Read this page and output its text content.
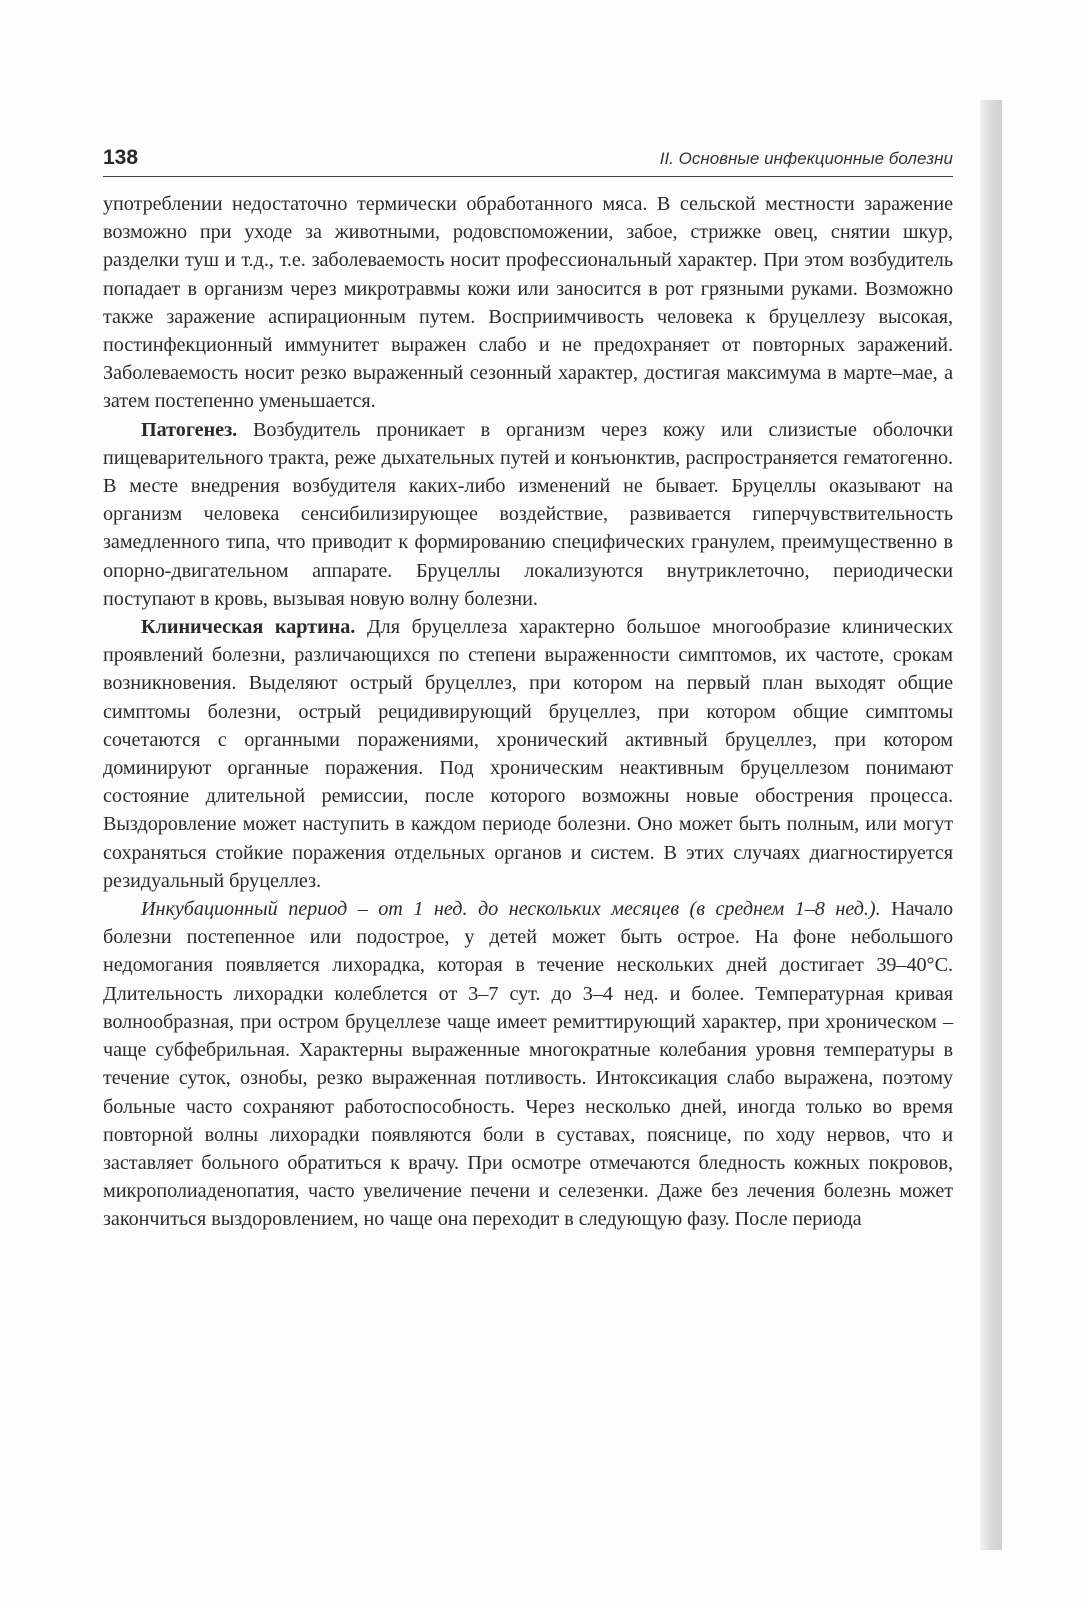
138	II. Основные инфекционные болезни

употреблении недостаточно термически обработанного мяса. В сельской местности заражение возможно при уходе за животными, родовспоможении, забое, стрижке овец, снятии шкур, разделки туш и т.д., т.е. заболеваемость носит профессиональный характер. При этом возбудитель попадает в организм через микротравмы кожи или заносится в рот грязными руками. Возможно также заражение аспирационным путем. Восприимчивость человека к бруцеллезу высокая, постинфекционный иммунитет выражен слабо и не предохраняет от повторных заражений. Заболеваемость носит резко выраженный сезонный характер, достигая максимума в марте–мае, а затем постепенно уменьшается.

Патогенез. Возбудитель проникает в организм через кожу или слизистые оболочки пищеварительного тракта, реже дыхательных путей и конъюнктив, распространяется гематогенно. В месте внедрения возбудителя каких-либо изменений не бывает. Бруцеллы оказывают на организм человека сенсибилизирующее воздействие, развивается гиперчувствительность замедленного типа, что приводит к формированию специфических гранулем, преимущественно в опорно-двигательном аппарате. Бруцеллы локализуются внутриклеточно, периодически поступают в кровь, вызывая новую волну болезни.

Клиническая картина. Для бруцеллеза характерно большое многообразие клинических проявлений болезни, различающихся по степени выраженности симптомов, их частоте, срокам возникновения. Выделяют острый бруцеллез, при котором на первый план выходят общие симптомы болезни, острый рецидивирующий бруцеллез, при котором общие симптомы сочетаются с органными поражениями, хронический активный бруцеллез, при котором доминируют органные поражения. Под хроническим неактивным бруцеллезом понимают состояние длительной ремиссии, после которого возможны новые обострения процесса. Выздоровление может наступить в каждом периоде болезни. Оно может быть полным, или могут сохраняться стойкие поражения отдельных органов и систем. В этих случаях диагностируется резидуальный бруцеллез.

Инкубационный период – от 1 нед. до нескольких месяцев (в среднем 1–8 нед.). Начало болезни постепенное или подострое, у детей может быть острое. На фоне небольшого недомогания появляется лихорадка, которая в течение нескольких дней достигает 39–40°С. Длительность лихорадки колеблется от 3–7 сут. до 3–4 нед. и более. Температурная кривая волнообразная, при остром бруцеллезе чаще имеет ремиттирующий характер, при хроническом – чаще субфебрильная. Характерны выраженные многократные колебания уровня температуры в течение суток, ознобы, резко выраженная потливость. Интоксикация слабо выражена, поэтому больные часто сохраняют работоспособность. Через несколько дней, иногда только во время повторной волны лихорадки появляются боли в суставах, пояснице, по ходу нервов, что и заставляет больного обратиться к врачу. При осмотре отмечаются бледность кожных покровов, микрополиаденопатия, часто увеличение печени и селезенки. Даже без лечения болезнь может закончиться выздоровлением, но чаще она переходит в следующую фазу. После периода
